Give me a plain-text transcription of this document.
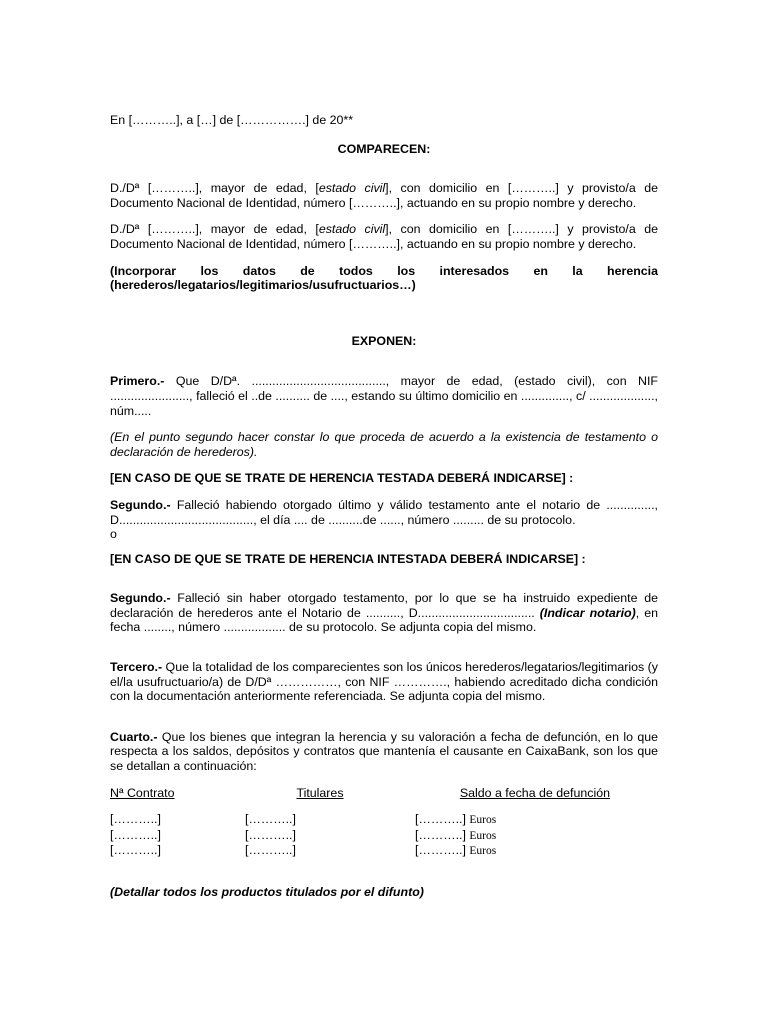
En [………..], a […] de […………….] de 20**

COMPARECEN:

D./Dª [………..], mayor de edad, [estado civil], con domicilio en [………..] y provisto/a de Documento Nacional de Identidad, número [………..], actuando en su propio nombre y derecho.

D./Dª [………..], mayor de edad, [estado civil], con domicilio en [………..] y provisto/a de Documento Nacional de Identidad, número [………..], actuando en su propio nombre y derecho.

(Incorporar los datos de todos los interesados en la herencia (herederos/legatarios/legitimarios/usufructuarios…)

EXPONEN:

Primero.- Que D/Dª. ......................................., mayor de edad, (estado civil), con NIF ......................., falleció el ..de .......... de ...., estando su último domicilio en .............., c/ ..................., núm.....

(En el punto segundo hacer constar lo que proceda de acuerdo a la existencia de testamento o declaración de herederos).

[EN CASO DE QUE SE TRATE DE HERENCIA TESTADA DEBERÁ INDICARSE] :

Segundo.- Falleció habiendo otorgado último y válido testamento ante el notario de .............., D......................................., el día .... de ..........de ......, número ......... de su protocolo.

o

[EN CASO DE QUE SE TRATE DE HERENCIA INTESTADA DEBERÁ INDICARSE] :

Segundo.- Falleció sin haber otorgado testamento, por lo que se ha instruido expediente de declaración de herederos ante el Notario de .........., D.................................. (Indicar notario), en fecha ........, número .................. de su protocolo. Se adjunta copia del mismo.

Tercero.- Que la totalidad de los comparecientes son los únicos herederos/legatarios/legitimarios (y el/la usufructuario/a) de D/Dª ……………, con NIF …………., habiendo acreditado dicha condición con la documentación anteriormente referenciada. Se adjunta copia del mismo.

Cuarto.- Que los bienes que integran la herencia y su valoración a fecha de defunción, en lo que respecta a los saldos, depósitos y contratos que mantenía el causante en CaixaBank, son los que se detallan a continuación:

Nª Contrato	Titulares	Saldo a fecha de defunción
[………..]	[………..]	[………..] Euros
[………..]	[………..]	[………..] Euros
[………..]	[………..]	[………..] Euros

(Detallar todos los productos titulados por el difunto)
